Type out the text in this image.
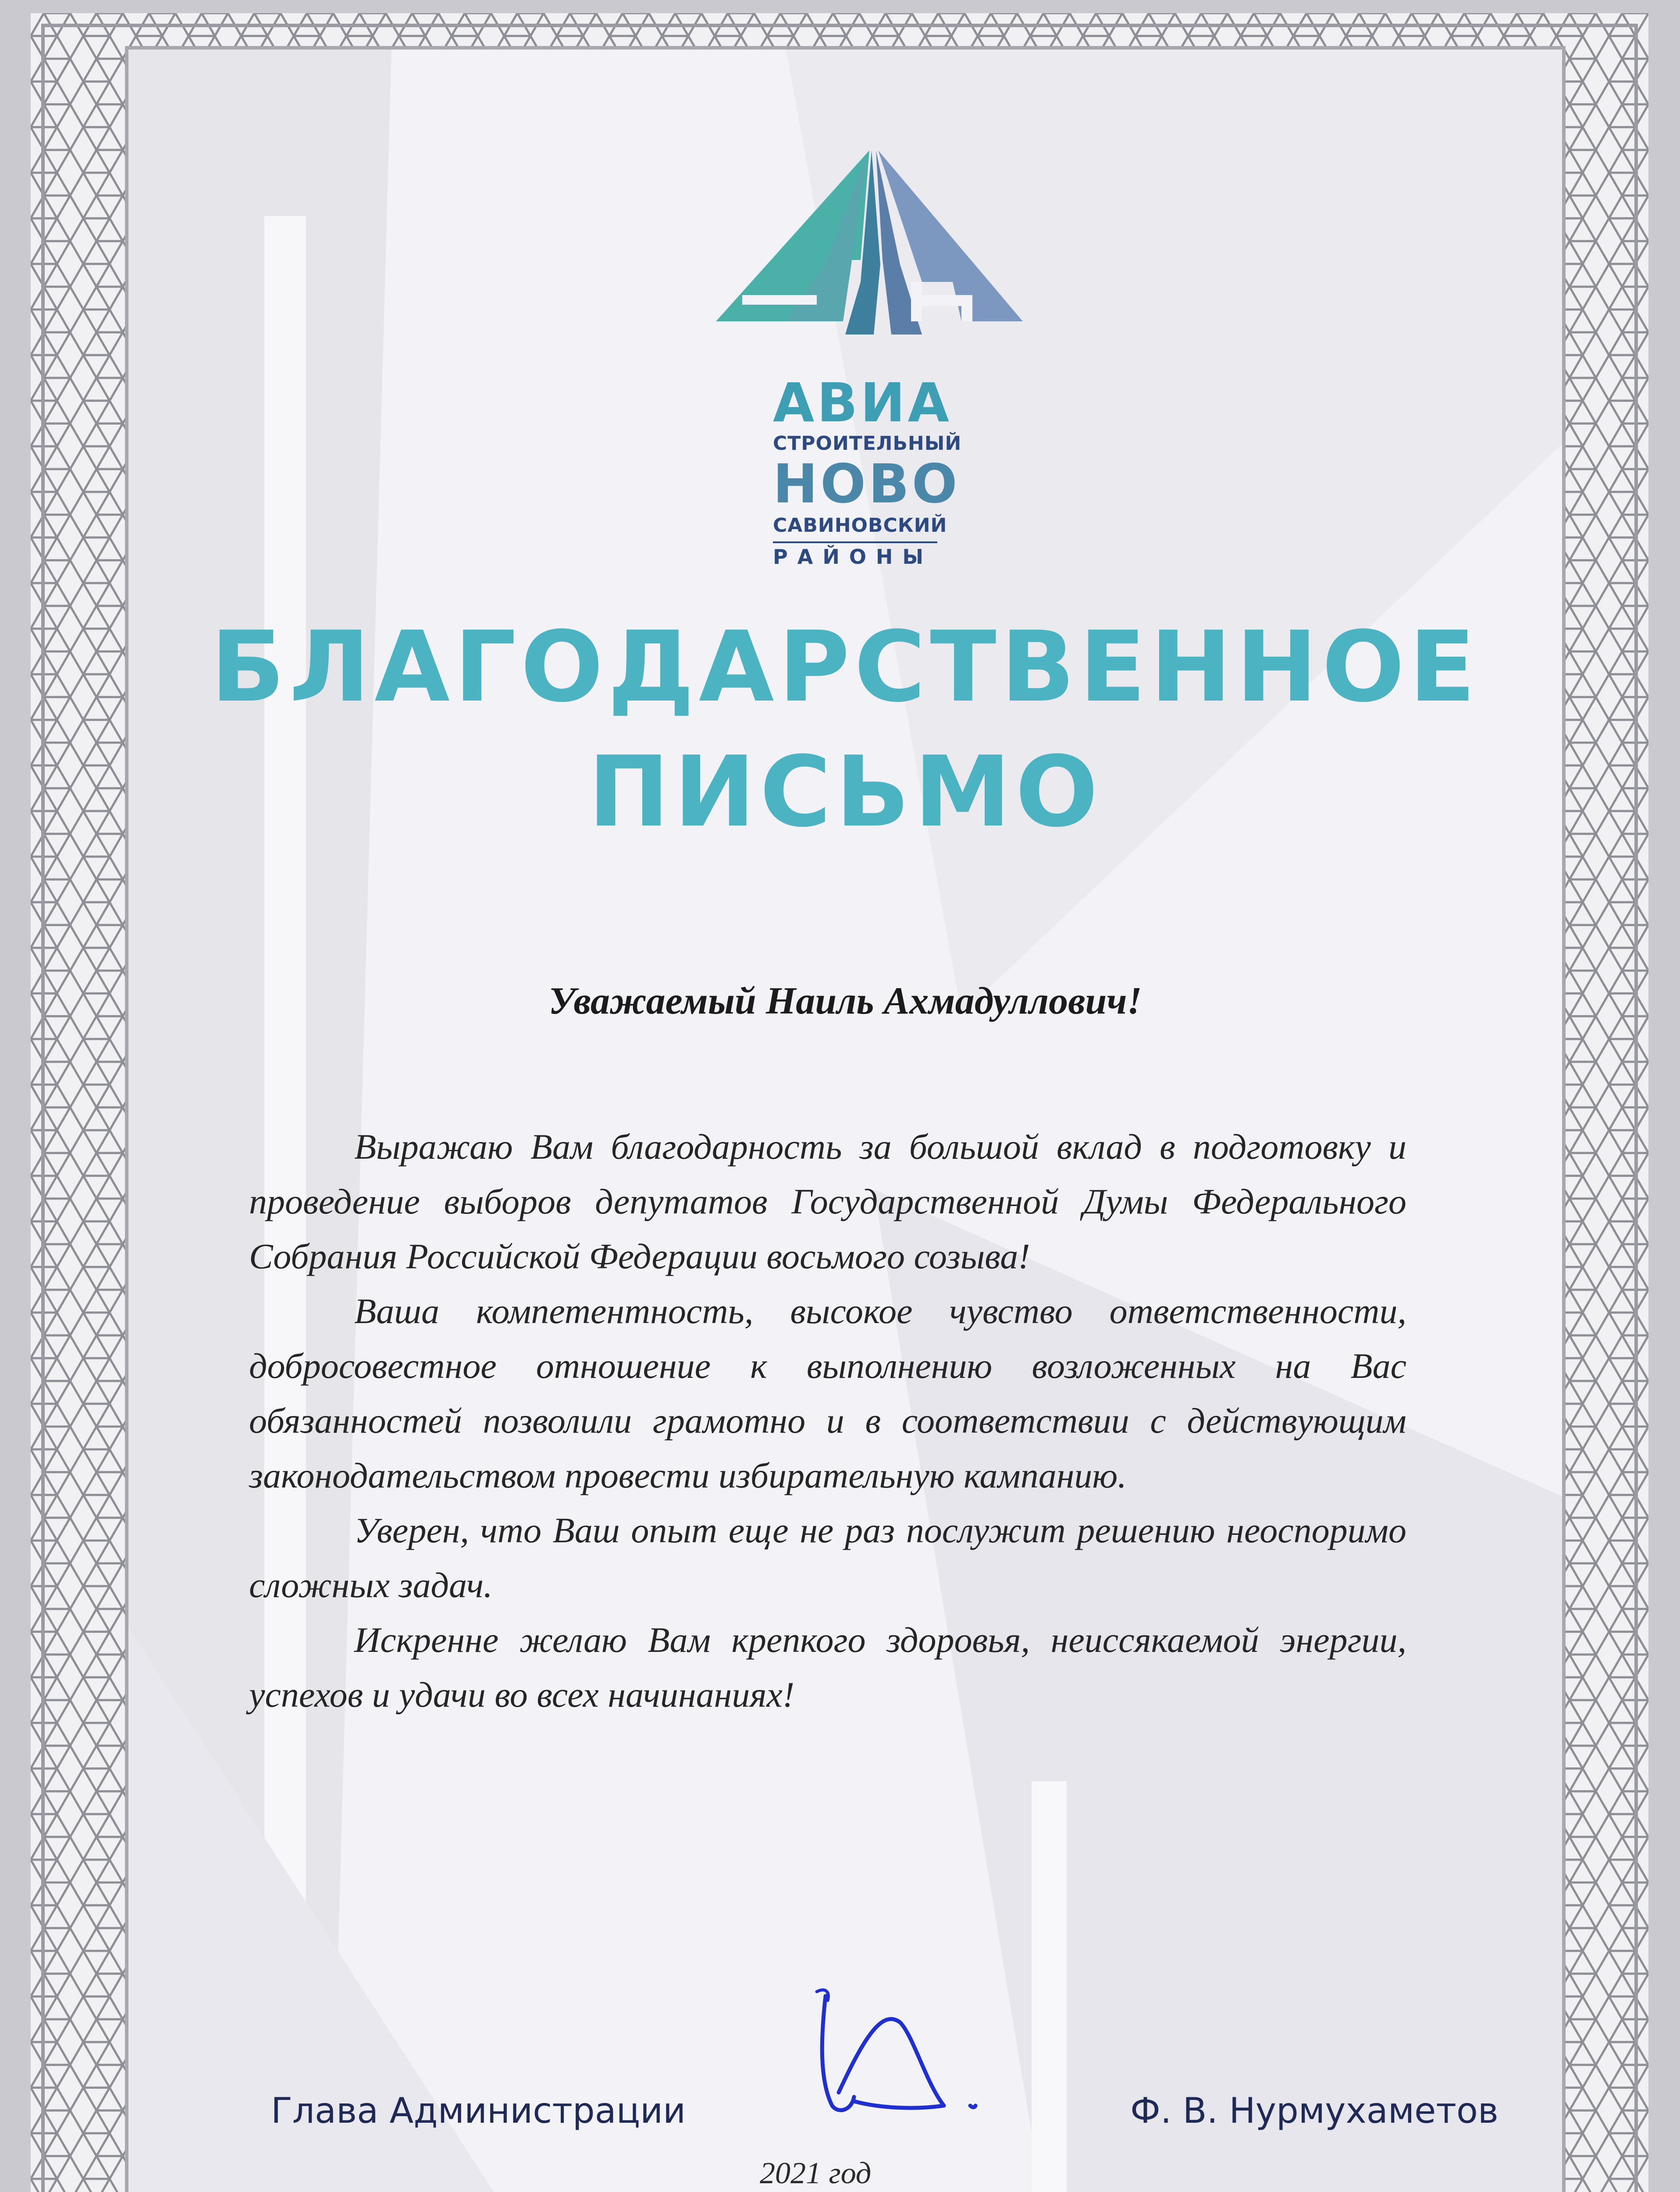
АВИА
СТРОИТЕЛЬНЫЙ
НОВО
САВИНОВСКИЙ
РАЙОНЫ
БЛАГОДАРСТВЕННОЕ
ПИСЬМО
Уважаемый Наиль Ахмадуллович!

Выражаю Вам благодарность за большой вклад в подготовку и проведение выборов депутатов Государственной Думы Федерального Собрания Российской Федерации восьмого созыва!

Ваша компетентность, высокое чувство ответственности, добросовестное отношение к выполнению возложенных на Вас обязанностей позволили грамотно и в соответствии с действующим законодательством провести избирательную кампанию.

Уверен, что Ваш опыт еще не раз послужит решению неоспоримо сложных задач.

Искренне желаю Вам крепкого здоровья, неиссякаемой энергии, успехов и удачи во всех начинаниях!

Глава Администрации	Ф. В. Нурмухаметов
2021 год
